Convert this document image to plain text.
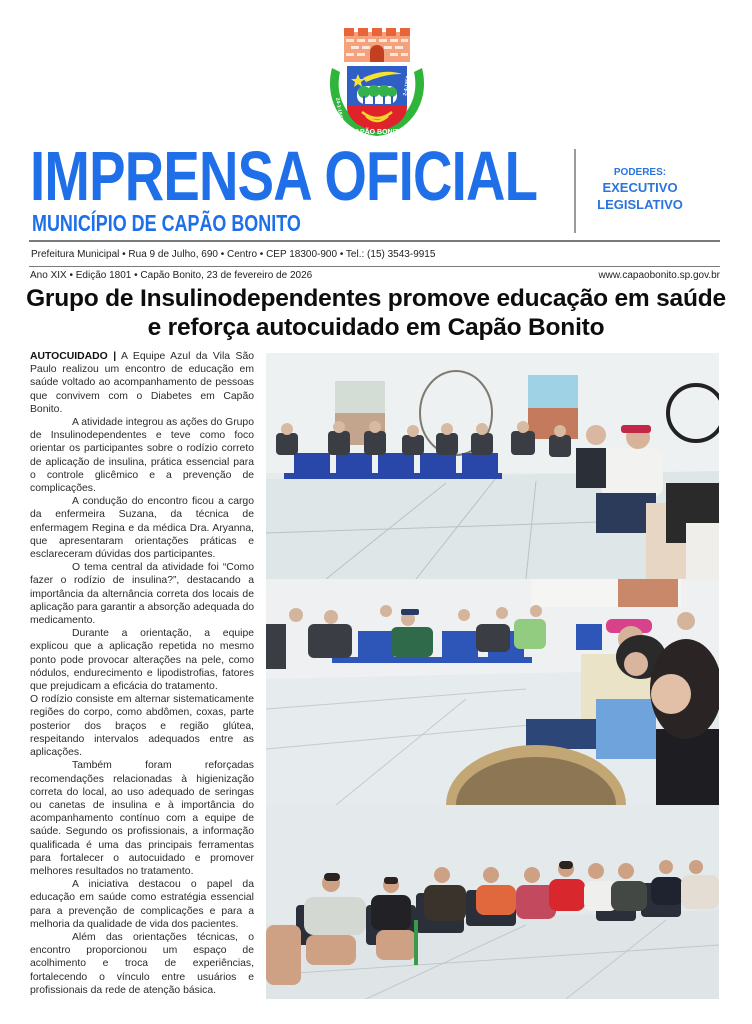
CAPÃO BONITO
24-1-1843
2-4-1857
IMPRENSA OFICIAL
MUNICÍPIO DE CAPÃO BONITO
PODERES:
EXECUTIVO
LEGISLATIVO
Prefeitura Municipal • Rua 9 de Julho, 690 • Centro • CEP 18300-900 • Tel.: (15) 3543-9915
Ano XIX • Edição 1801 • Capão Bonito, 23 de fevereiro de 2026	www.capaobonito.sp.gov.br
Grupo de Insulinodependentes promove educação em saúde e reforça autocuidado em Capão Bonito

AUTOCUIDADO | A Equipe Azul da Vila São Paulo realizou um encontro de educação em saúde voltado ao acompanhamento de pessoas que convivem com o Diabetes em Capão Bonito.

A atividade integrou as ações do Grupo de Insulinodependentes e teve como foco orientar os participantes sobre o rodízio correto de aplicação de insulina, prática essencial para o controle glicêmico e a prevenção de complicações.

A condução do encontro ficou a cargo da enfermeira Suzana, da técnica de enfermagem Regina e da médica Dra. Aryanna, que apresentaram orientações práticas e esclareceram dúvidas dos participantes.

O tema central da atividade foi “Como fazer o rodízio de insulina?”, destacando a importância da alternância correta dos locais de aplicação para garantir a absorção adequada do medicamento.

Durante a orientação, a equipe explicou que a aplicação repetida no mesmo ponto pode provocar alterações na pele, como nódulos, endurecimento e lipodistrofias, fatores que prejudicam a eficácia do tratamento.

O rodízio consiste em alternar sistematicamente regiões do corpo, como abdômen, coxas, parte posterior dos braços e região glútea, respeitando intervalos adequados entre as aplicações.

Também foram reforçadas recomendações relacionadas à higienização correta do local, ao uso adequado de seringas ou canetas de insulina e à importância do acompanhamento contínuo com a equipe de saúde. Segundo os profissionais, a informação qualificada é uma das principais ferramentas para fortalecer o autocuidado e promover melhores resultados no tratamento.

A iniciativa destacou o papel da educação em saúde como estratégia essencial para a prevenção de complicações e para a melhoria da qualidade de vida dos pacientes.

Além das orientações técnicas, o encontro proporcionou um espaço de acolhimento e troca de experiências, fortalecendo o vínculo entre usuários e profissionais da rede de atenção básica.
